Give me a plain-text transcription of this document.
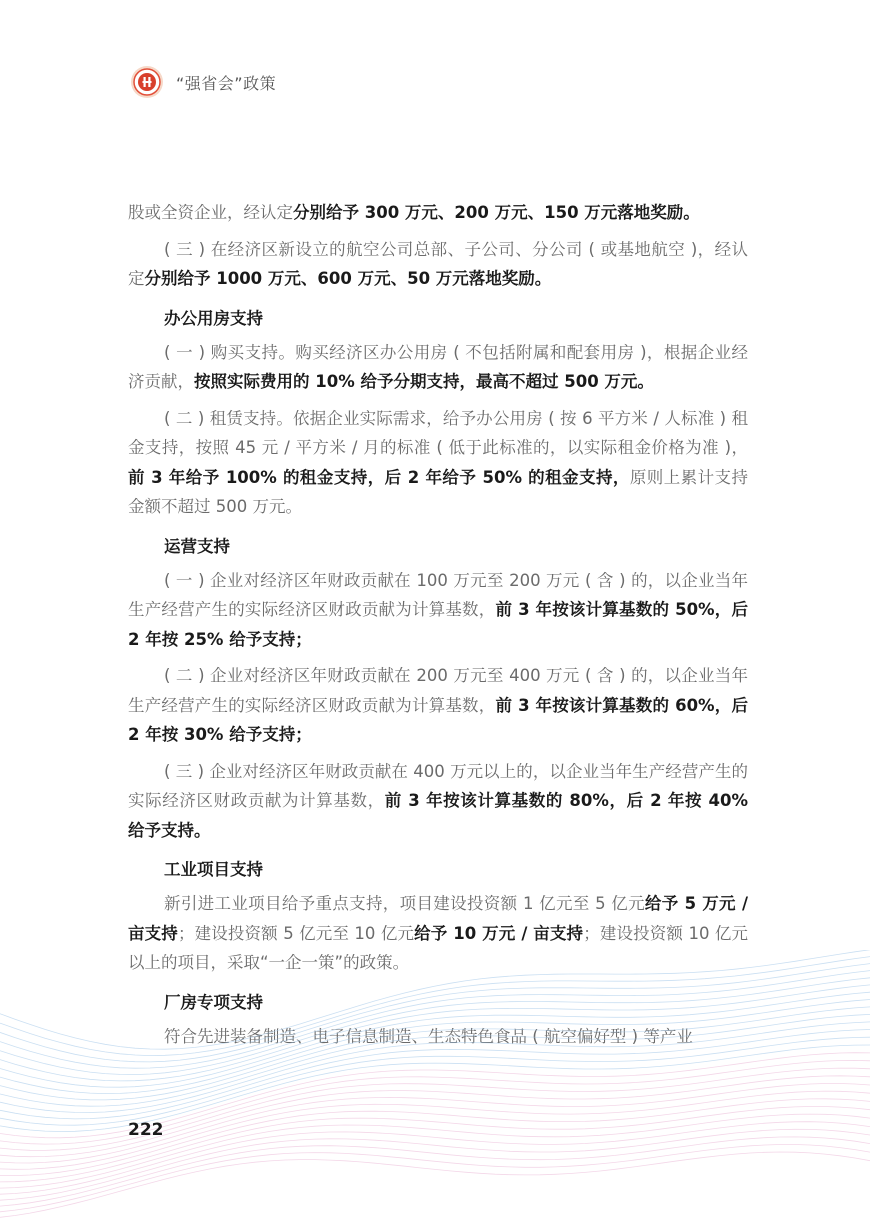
“强省会”政策

股或全资企业，经认定分别给予 300 万元、200 万元、150 万元落地奖励。

( 三 ) 在经济区新设立的航空公司总部、子公司、分公司 ( 或基地航空 )，经认定分别给予 1000 万元、600 万元、50 万元落地奖励。

办公用房支持

( 一 ) 购买支持。购买经济区办公用房 ( 不包括附属和配套用房 )，根据企业经济贡献，按照实际费用的 10% 给予分期支持，最高不超过 500 万元。

( 二 ) 租赁支持。依据企业实际需求，给予办公用房 ( 按 6 平方米 / 人标准 ) 租金支持，按照 45 元 / 平方米 / 月的标准 ( 低于此标准的，以实际租金价格为准 )，前 3 年给予 100% 的租金支持，后 2 年给予 50% 的租金支持，原则上累计支持金额不超过 500 万元。

运营支持

( 一 ) 企业对经济区年财政贡献在 100 万元至 200 万元 ( 含 ) 的，以企业当年生产经营产生的实际经济区财政贡献为计算基数，前 3 年按该计算基数的 50%，后 2 年按 25% 给予支持；

( 二 ) 企业对经济区年财政贡献在 200 万元至 400 万元 ( 含 ) 的，以企业当年生产经营产生的实际经济区财政贡献为计算基数，前 3 年按该计算基数的 60%，后 2 年按 30% 给予支持；

( 三 ) 企业对经济区年财政贡献在 400 万元以上的，以企业当年生产经营产生的实际经济区财政贡献为计算基数，前 3 年按该计算基数的 80%，后 2 年按 40% 给予支持。

工业项目支持

新引进工业项目给予重点支持，项目建设投资额 1 亿元至 5 亿元给予 5 万元 / 亩支持；建设投资额 5 亿元至 10 亿元给予 10 万元 / 亩支持；建设投资额 10 亿元以上的项目，采取“一企一策”的政策。

厂房专项支持

符合先进装备制造、电子信息制造、生态特色食品 ( 航空偏好型 ) 等产业

222
